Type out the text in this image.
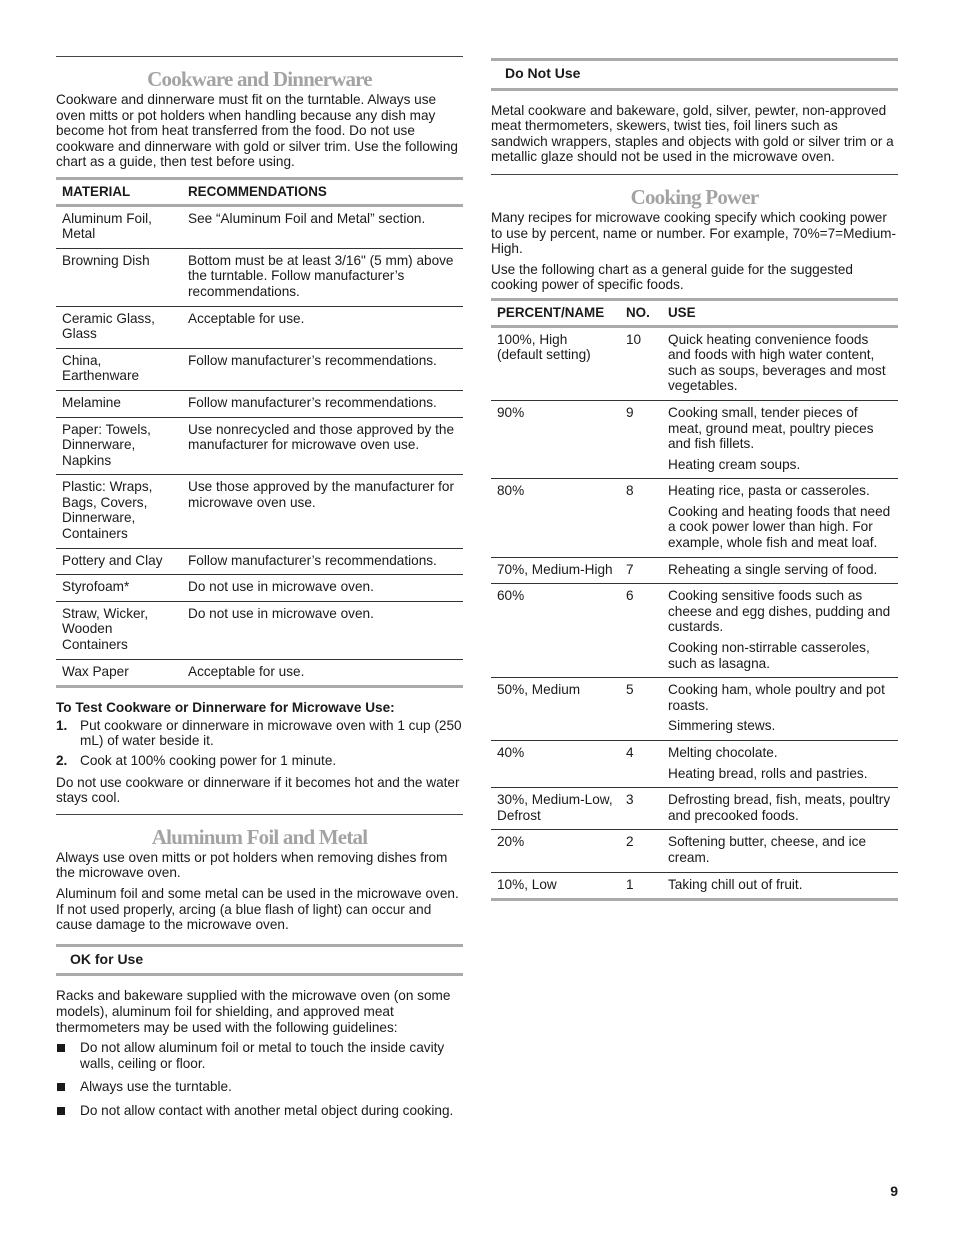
Cookware and Dinnerware

Cookware and dinnerware must fit on the turntable. Always use oven mitts or pot holders when handling because any dish may become hot from heat transferred from the food. Do not use cookware and dinnerware with gold or silver trim. Use the following chart as a guide, then test before using.

MATERIAL	RECOMMENDATIONS
Aluminum Foil, Metal	See “Aluminum Foil and Metal” section.
Browning Dish	Bottom must be at least 3/16" (5 mm) above the turntable. Follow manufacturer’s recommendations.
Ceramic Glass, Glass	Acceptable for use.
China, Earthenware	Follow manufacturer’s recommendations.
Melamine	Follow manufacturer’s recommendations.
Paper: Towels, Dinnerware, Napkins	Use nonrecycled and those approved by the manufacturer for microwave oven use.
Plastic: Wraps, Bags, Covers, Dinnerware, Containers	Use those approved by the manufacturer for microwave oven use.
Pottery and Clay	Follow manufacturer’s recommendations.
Styrofoam*	Do not use in microwave oven.
Straw, Wicker, Wooden Containers	Do not use in microwave oven.
Wax Paper	Acceptable for use.
To Test Cookware or Dinnerware for Microwave Use:
1. Put cookware or dinnerware in microwave oven with 1 cup (250 mL) of water beside it.
2. Cook at 100% cooking power for 1 minute.

Do not use cookware or dinnerware if it becomes hot and the water stays cool.

Aluminum Foil and Metal

Always use oven mitts or pot holders when removing dishes from the microwave oven.

Aluminum foil and some metal can be used in the microwave oven. If not used properly, arcing (a blue flash of light) can occur and cause damage to the microwave oven.

OK for Use

Racks and bakeware supplied with the microwave oven (on some models), aluminum foil for shielding, and approved meat thermometers may be used with the following guidelines:

Do not allow aluminum foil or metal to touch the inside cavity walls, ceiling or floor.
Always use the turntable.
Do not allow contact with another metal object during cooking.
Do Not Use

Metal cookware and bakeware, gold, silver, pewter, non-approved meat thermometers, skewers, twist ties, foil liners such as sandwich wrappers, staples and objects with gold or silver trim or a metallic glaze should not be used in the microwave oven.

Cooking Power

Many recipes for microwave cooking specify which cooking power to use by percent, name or number. For example, 70%=7=Medium-High.

Use the following chart as a general guide for the suggested cooking power of specific foods.

PERCENT/NAME	NO.	USE
100%, High (default setting)	10	Quick heating convenience foods and foods with high water content, such as soups, beverages and most vegetables.

90%	9	Cooking small, tender pieces of meat, ground meat, poultry pieces and fish fillets.
Heating cream soups.

80%	8	Heating rice, pasta or casseroles.
Cooking and heating foods that need a cook power lower than high. For example, whole fish and meat loaf.

70%, Medium-High	7	Reheating a single serving of food.

60%	6	Cooking sensitive foods such as cheese and egg dishes, pudding and custards.
Cooking non-stirrable casseroles, such as lasagna.

50%, Medium	5	Cooking ham, whole poultry and pot roasts.
Simmering stews.

40%	4	Melting chocolate.
Heating bread, rolls and pastries.

30%, Medium-Low, Defrost	3	Defrosting bread, fish, meats, poultry and precooked foods.

20%	2	Softening butter, cheese, and ice cream.

10%, Low	1	Taking chill out of fruit.
9
